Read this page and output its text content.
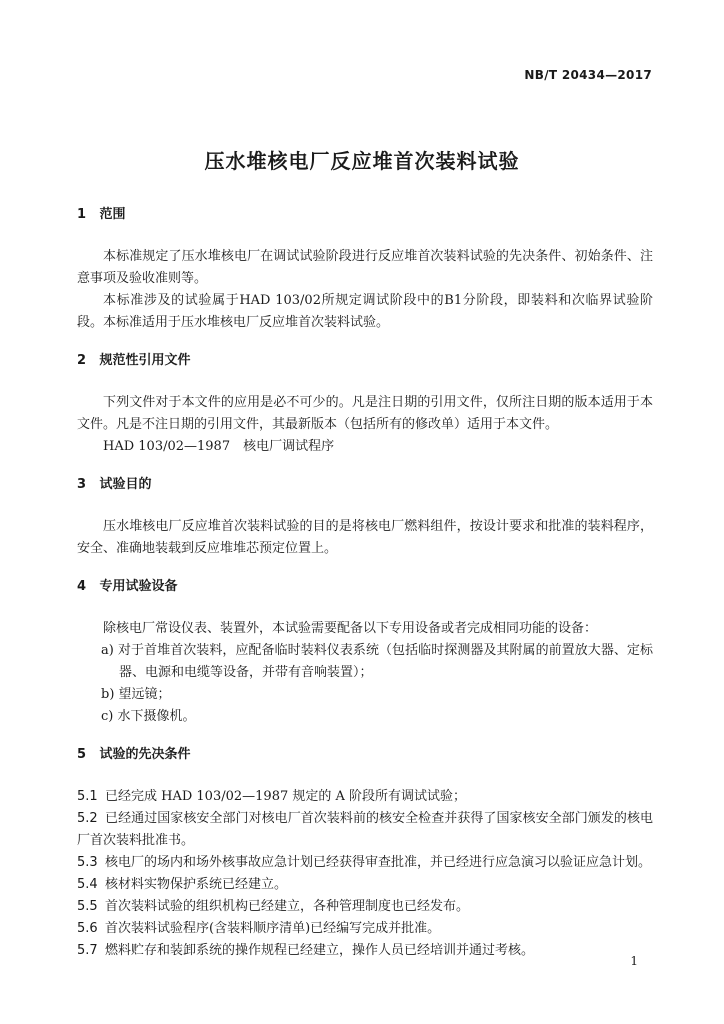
NB/T 20434—2017
压水堆核电厂反应堆首次装料试验
1 范围

本标准规定了压水堆核电厂在调试试验阶段进行反应堆首次装料试验的先决条件、初始条件、注意事项及验收准则等。

本标准涉及的试验属于HAD 103/02所规定调试阶段中的B1分阶段，即装料和次临界试验阶段。本标准适用于压水堆核电厂反应堆首次装料试验。

2 规范性引用文件

下列文件对于本文件的应用是必不可少的。凡是注日期的引用文件，仅所注日期的版本适用于本文件。凡是不注日期的引用文件，其最新版本（包括所有的修改单）适用于本文件。

HAD 103/02—1987　核电厂调试程序

3 试验目的

压水堆核电厂反应堆首次装料试验的目的是将核电厂燃料组件，按设计要求和批准的装料程序，安全、准确地装载到反应堆堆芯预定位置上。

4 专用试验设备

除核电厂常设仪表、装置外，本试验需要配备以下专用设备或者完成相同功能的设备：

a) 对于首堆首次装料，应配备临时装料仪表系统（包括临时探测器及其附属的前置放大器、定标器、电源和电缆等设备，并带有音响装置）；

b) 望远镜；

c) 水下摄像机。

5 试验的先决条件

5.1 已经完成 HAD 103/02—1987 规定的 A 阶段所有调试试验；

5.2 已经通过国家核安全部门对核电厂首次装料前的核安全检查并获得了国家核安全部门颁发的核电厂首次装料批准书。

5.3 核电厂的场内和场外核事故应急计划已经获得审查批准，并已经进行应急演习以验证应急计划。

5.4 核材料实物保护系统已经建立。

5.5 首次装料试验的组织机构已经建立，各种管理制度也已经发布。

5.6 首次装料试验程序(含装料顺序清单)已经编写完成并批准。

5.7 燃料贮存和装卸系统的操作规程已经建立，操作人员已经培训并通过考核。

1
